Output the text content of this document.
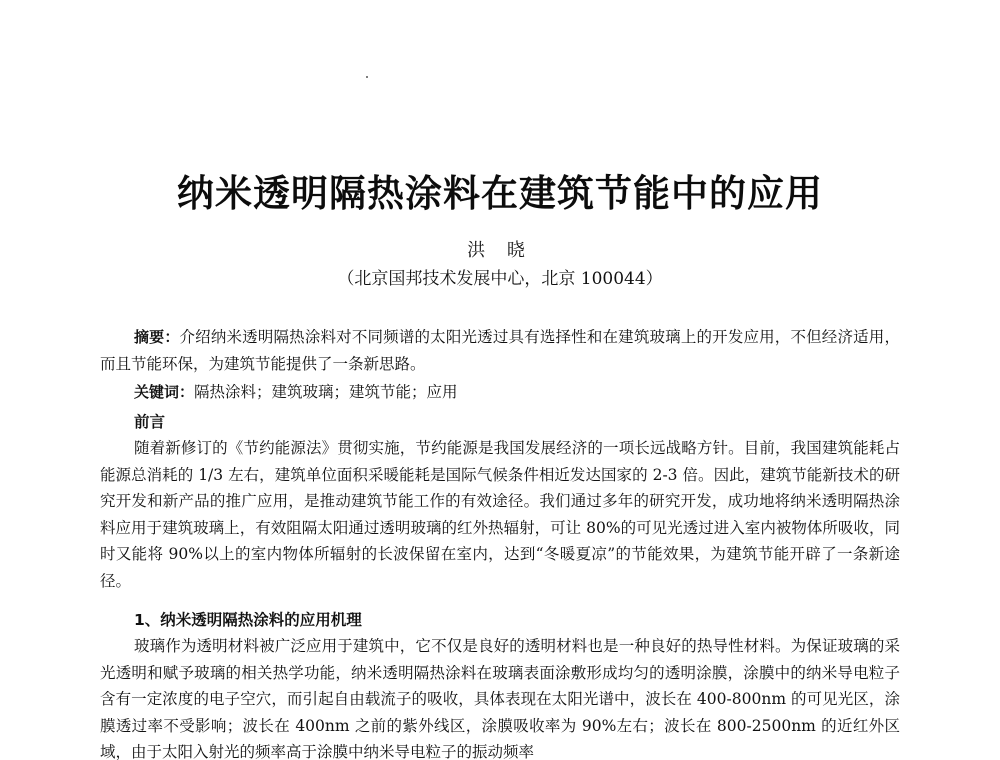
纳米透明隔热涂料在建筑节能中的应用
洪 晓
（北京国邦技术发展中心，北京 100044）

摘要：介绍纳米透明隔热涂料对不同频谱的太阳光透过具有选择性和在建筑玻璃上的开发应用，不但经济适用，而且节能环保，为建筑节能提供了一条新思路。

关键词：隔热涂料；建筑玻璃；建筑节能；应用

前言

随着新修订的《节约能源法》贯彻实施，节约能源是我国发展经济的一项长远战略方针。目前，我国建筑能耗占能源总消耗的 1/3 左右，建筑单位面积采暖能耗是国际气候条件相近发达国家的 2-3 倍。因此，建筑节能新技术的研究开发和新产品的推广应用，是推动建筑节能工作的有效途径。我们通过多年的研究开发，成功地将纳米透明隔热涂料应用于建筑玻璃上，有效阻隔太阳通过透明玻璃的红外热辐射，可让 80%的可见光透过进入室内被物体所吸收，同时又能将 90%以上的室内物体所辐射的长波保留在室内，达到“冬暖夏凉”的节能效果，为建筑节能开辟了一条新途径。

1、纳米透明隔热涂料的应用机理

玻璃作为透明材料被广泛应用于建筑中，它不仅是良好的透明材料也是一种良好的热导性材料。为保证玻璃的采光透明和赋予玻璃的相关热学功能，纳米透明隔热涂料在玻璃表面涂敷形成均匀的透明涂膜，涂膜中的纳米导电粒子含有一定浓度的电子空穴，而引起自由载流子的吸收，具体表现在太阳光谱中，波长在 400-800nm 的可见光区，涂膜透过率不受影响；波长在 400nm 之前的紫外线区，涂膜吸收率为 90%左右；波长在 800-2500nm 的近红外区域，由于太阳入射光的频率高于涂膜中纳米导电粒子的振动频率
